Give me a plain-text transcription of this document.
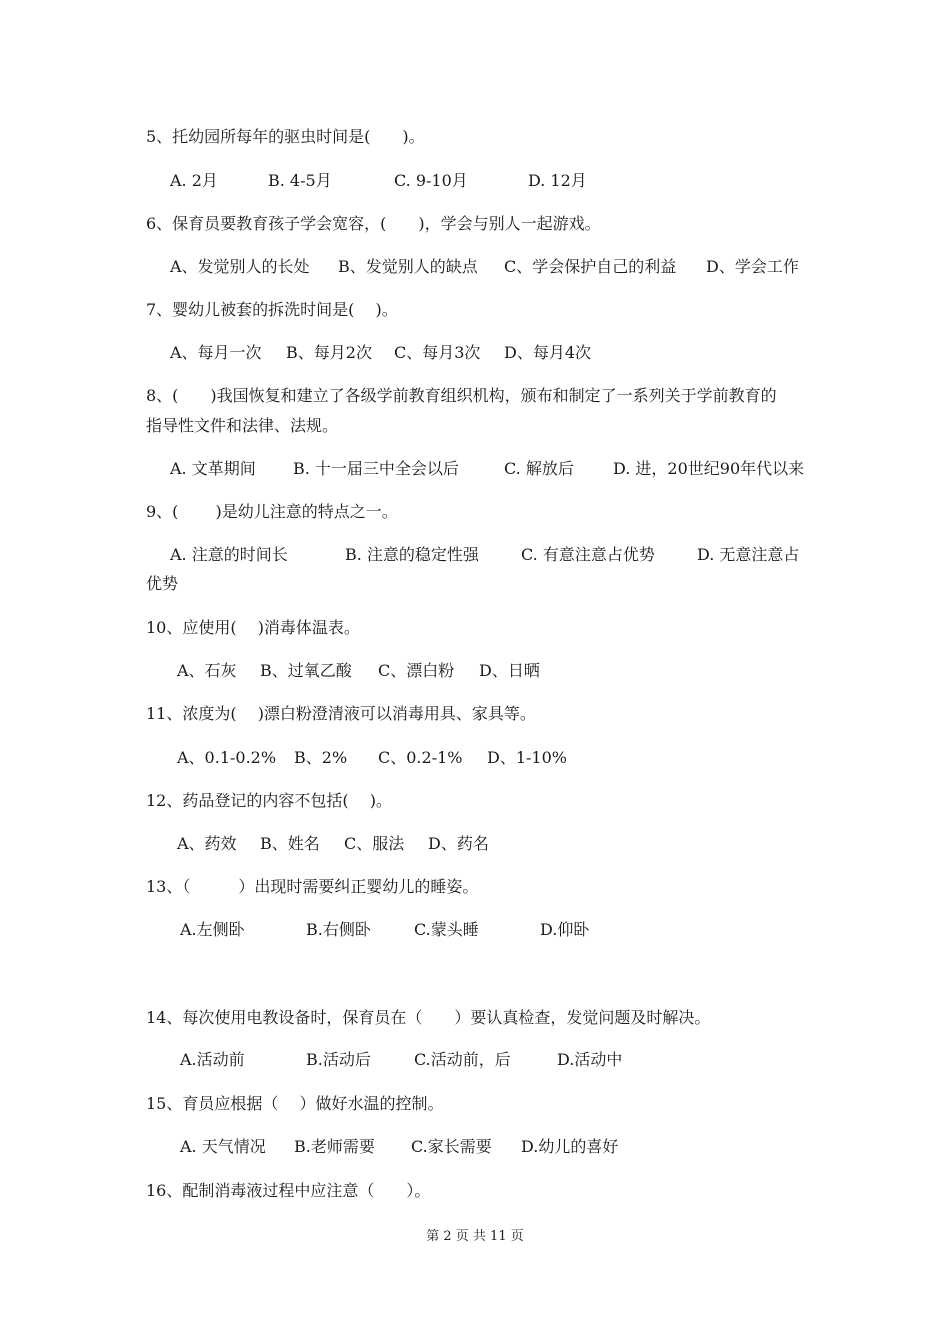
5、托幼园所每年的驱虫时间是(　　)。

A. 2月	B. 4-5月	C. 9-10月	D. 12月

6、保育员要教育孩子学会宽容，(　　)，学会与别人一起游戏。

A、发觉别人的长处 B、发觉别人的缺点 C、学会保护自己的利益 D、学会工作

7、婴幼儿被套的拆洗时间是(　 )。

A、每月一次 B、每月2次 C、每月3次 D、每月4次

8、(　　)我国恢复和建立了各级学前教育组织机构，颁布和制定了一系列关于学前教育的

指导性文件和法律、法规。

A. 文革期间 B. 十一届三中全会以后	C. 解放后 D. 进，20世纪90年代以来

9、(　　 )是幼儿注意的特点之一。

A. 注意的时间长	B. 注意的稳定性强	C. 有意注意占优势	D. 无意注意占

优势

10、应使用(　 )消毒体温表。

A、石灰 B、过氧乙酸 C、漂白粉 D、日晒

11、浓度为(　 )漂白粉澄清液可以消毒用具、家具等。

A、0.1-0.2% B、2% C、0.2-1% D、1-10%

12、药品登记的内容不包括(　 )。

A、药效 B、姓名 C、服法 D、药名

13、（　　　）出现时需要纠正婴幼儿的睡姿。

A.左侧卧	B.右侧卧	C.蒙头睡	D.仰卧

14、每次使用电教设备时，保育员在（　　）要认真检查，发觉问题及时解决。

A.活动前	B.活动后	C.活动前，后	D.活动中

15、育员应根据（　 ）做好水温的控制。

A. 天气情况 B.老师需要 C.家长需要 D.幼儿的喜好

16、配制消毒液过程中应注意（　　）。

第 2 页 共 11 页
